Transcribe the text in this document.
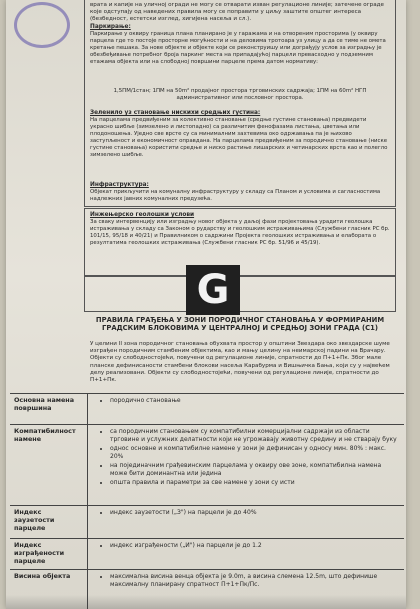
врата и капије на уличној огради не могу се отварати изван регулационе линије; затечене ограде које одступају од наведених правила могу се поправити у циљу заштите општег интереса (безбедност, естетски изглед, хигијена насеља и сл.).
Паркирање:
Паркирање у оквиру граница плана планирано је у гаражама и на отвореним просторима (у оквиру парцела где то постоје просторне могућности и на деловима тротоара уз улицу а да се тиме не омета кретање пешака. За нове објекте и објекте који се реконструишу или дограђују услов за изградњу је обезбеђивање потребног броја паркинг места на припадајућој парцели превасходно у подземним етажама објекта или на слободној површини парцеле према датом нормативу:
1,5ПМ/1стан; 1ПМ на 50m² продајног простора трговинских садржаја; 1ПМ на 60m² НГП административног или пословног простора.
Зеленило уз становање нискихи средњих густина:
На парцелама предвиђеним за колективно становање (средње густине становања) предвидети украсно шибље (зимзелено и листопадно) са различитим фенофазама листања, цветања или плодоношења. Уједно све врсте су са минималним захтевима око одржавања па је њихово заступљеност и економичност оправдана. На парцелама предвиђеним за породично становање (ниске густине становања) користити средње и ниско растиње лишарских и четинарских врста као и полегло зимзелено шибље.
Инфраструктура:
Објекат прикључити на комуналну инфраструктуру у складу са Планом и условима и сагласностима надлежних јавних комуналних предузећа.
Инжењерско геолошки услови
За сваку интервенцију или изградњу новог објекта у даљој фази пројектовања урадити геолошка истраживања у складу са Законом о рударству и геолошким истраживањима (Службени гласник РС бр. 101/15, 95/18 и 40/21) и Правилником о садржини Пројекта геолошких истраживања и елабората о резултатима геолошких истраживања (Службени гласник РС бр. 51/96 и 45/19).
ПРАВИЛА ГРАЂЕЊА У ЗОНИ ПОРОДИЧНОГ СТАНОВАЊА У ФОРМИРАНИМ ГРАДСКИМ БЛОКОВИМА У ЦЕНТРАЛНОЈ И СРЕДЊОЈ ЗОНИ ГРАДА (С1)
G
У целини II зона породичног становања обухвата простор у општини Звездара око звездарске шуме изграђен породичним стамбеним објектима, као и мању целину на неимарској падини на Врачару. Објекти су слободностојећи, повучени од регулационе линије, спратности до П+1+Пк. Због мале планске дефинисаности стамбени блокови насеља Карабурма и Вишњичка Бања, који су у највећем делу реализовани. Објекти су слободностојећи, повучени од регулационе линије, спратности до П+1+Пк.
Основна намена површина
• породично становање
Компатибилност намене
• са породичним становањем су компатибилни комерцијални садржаји из области трговине и услужних делатности који не угрожавају животну средину и не стварају буку
• однос основне и компатибилне намене у зони је дефинисан у односу мин. 80% : макс. 20%
• на појединачним грађевинским парцелама у оквиру ове зоне, компатибилна намена може бити доминантна или једина
• општа правила и параметри за све намене у зони су исти
Индекс заузетости парцеле
• индекс заузетости („З") на парцели је до 40%
Индекс изграђености парцеле
• индекс изграђености („И") на парцели је до 1.2
Висина објекта
•	максимална висина венца објекта је 9.0m, а висина слемена 12.5m, што дефинише максималну планирану спратност П+1+Пк/Пс.
